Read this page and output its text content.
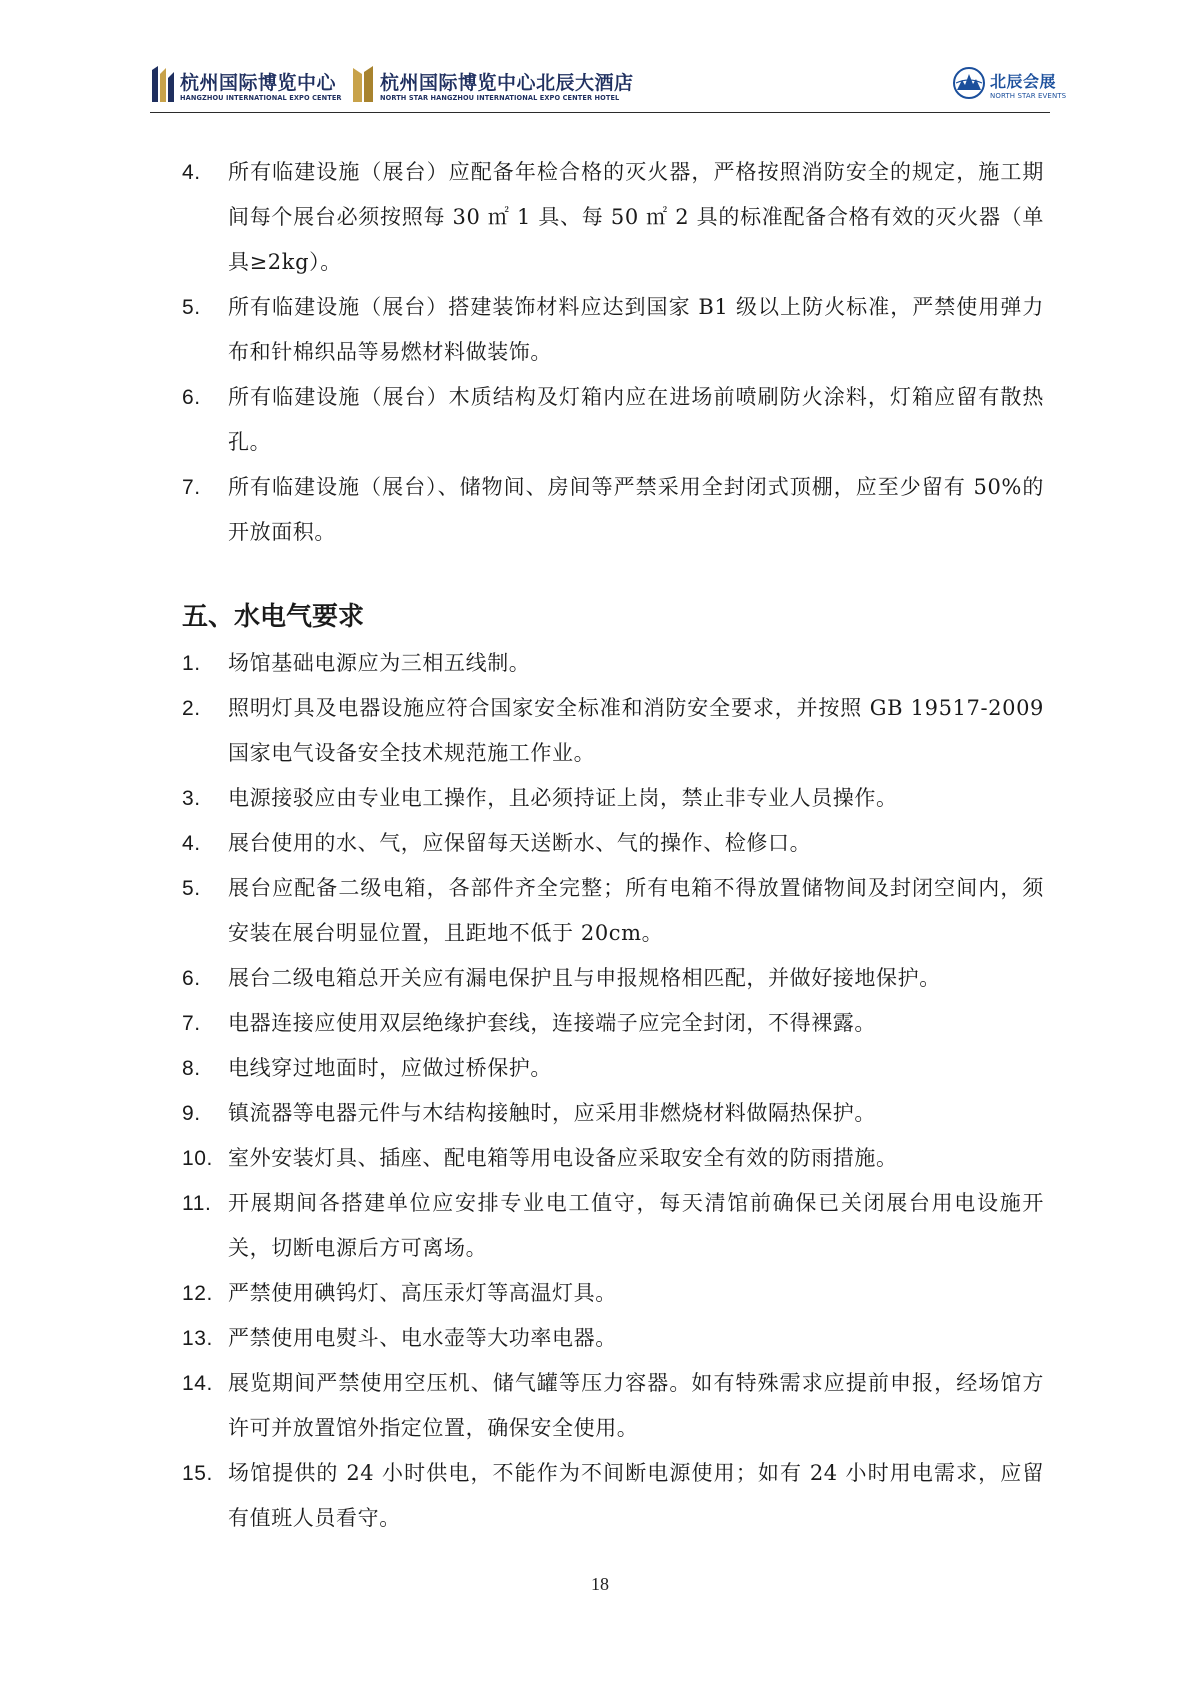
杭州国际博览中心
HANGZHOU INTERNATIONAL EXPO CENTER
杭州国际博览中心北辰大酒店
NORTH STAR HANGZHOU INTERNATIONAL EXPO CENTER HOTEL
北辰会展
NORTH STAR EVENTS
4. 所有临建设施（展台）应配备年检合格的灭火器，严格按照消防安全的规定，施工期间每个展台必须按照每 30 ㎡ 1 具、每 50 ㎡ 2 具的标准配备合格有效的灭火器（单具≥2kg）。
5. 所有临建设施（展台）搭建装饰材料应达到国家 B1 级以上防火标准，严禁使用弹力布和针棉织品等易燃材料做装饰。
6. 所有临建设施（展台）木质结构及灯箱内应在进场前喷刷防火涂料，灯箱应留有散热孔。
7. 所有临建设施（展台）、储物间、房间等严禁采用全封闭式顶棚，应至少留有 50%的开放面积。
五、水电气要求
1. 场馆基础电源应为三相五线制。
2. 照明灯具及电器设施应符合国家安全标准和消防安全要求，并按照 GB 19517-2009 国家电气设备安全技术规范施工作业。
3. 电源接驳应由专业电工操作，且必须持证上岗，禁止非专业人员操作。
4. 展台使用的水、气，应保留每天送断水、气的操作、检修口。
5. 展台应配备二级电箱，各部件齐全完整；所有电箱不得放置储物间及封闭空间内，须安装在展台明显位置，且距地不低于 20cm。
6. 展台二级电箱总开关应有漏电保护且与申报规格相匹配，并做好接地保护。
7. 电器连接应使用双层绝缘护套线，连接端子应完全封闭，不得裸露。
8. 电线穿过地面时，应做过桥保护。
9. 镇流器等电器元件与木结构接触时，应采用非燃烧材料做隔热保护。
10. 室外安装灯具、插座、配电箱等用电设备应采取安全有效的防雨措施。
11. 开展期间各搭建单位应安排专业电工值守，每天清馆前确保已关闭展台用电设施开关，切断电源后方可离场。
12. 严禁使用碘钨灯、高压汞灯等高温灯具。
13. 严禁使用电熨斗、电水壶等大功率电器。
14. 展览期间严禁使用空压机、储气罐等压力容器。如有特殊需求应提前申报，经场馆方许可并放置馆外指定位置，确保安全使用。
15. 场馆提供的 24 小时供电，不能作为不间断电源使用；如有 24 小时用电需求，应留有值班人员看守。
18
